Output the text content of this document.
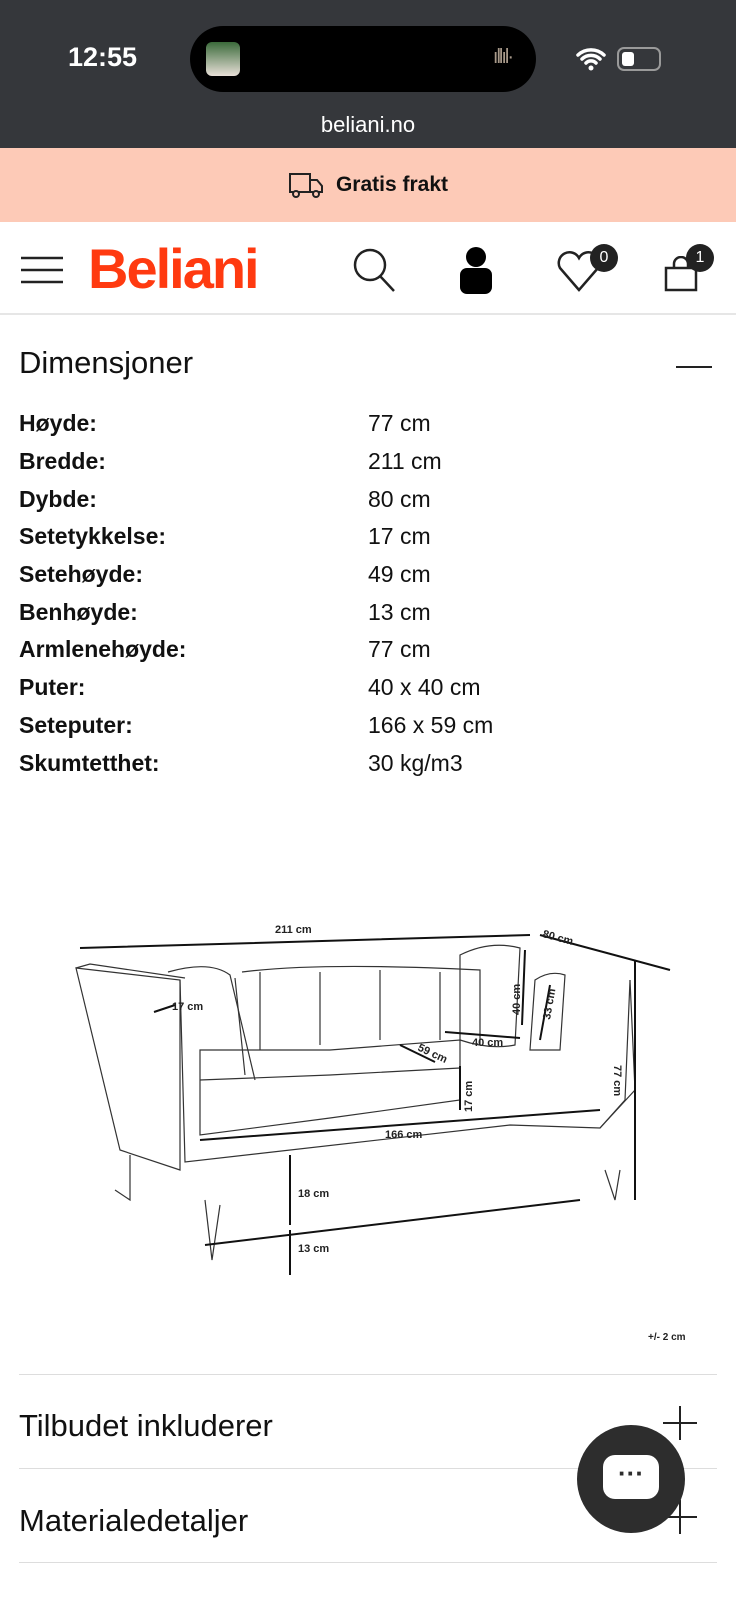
12:55	ıllıl·
beliani.no
Gratis frakt
Beliani	0	1
Dimensjoner
Høyde:	77 cm
Bredde:	211 cm
Dybde:	80 cm
Setetykkelse:	17 cm
Setehøyde:	49 cm
Benhøyde:	13 cm
Armlenehøyde:	77 cm
Puter:	40 x 40 cm
Seteputer:	166 x 59 cm
Skumtetthet:	30 kg/m3
211 cm	80 cm
17 cm	40 cm
40 cm
33 cm
59 cm
17 cm
77 cm
166 cm
18 cm
13 cm
+/- 2 cm
Tilbudet inkluderer
Materialedetaljer
···
